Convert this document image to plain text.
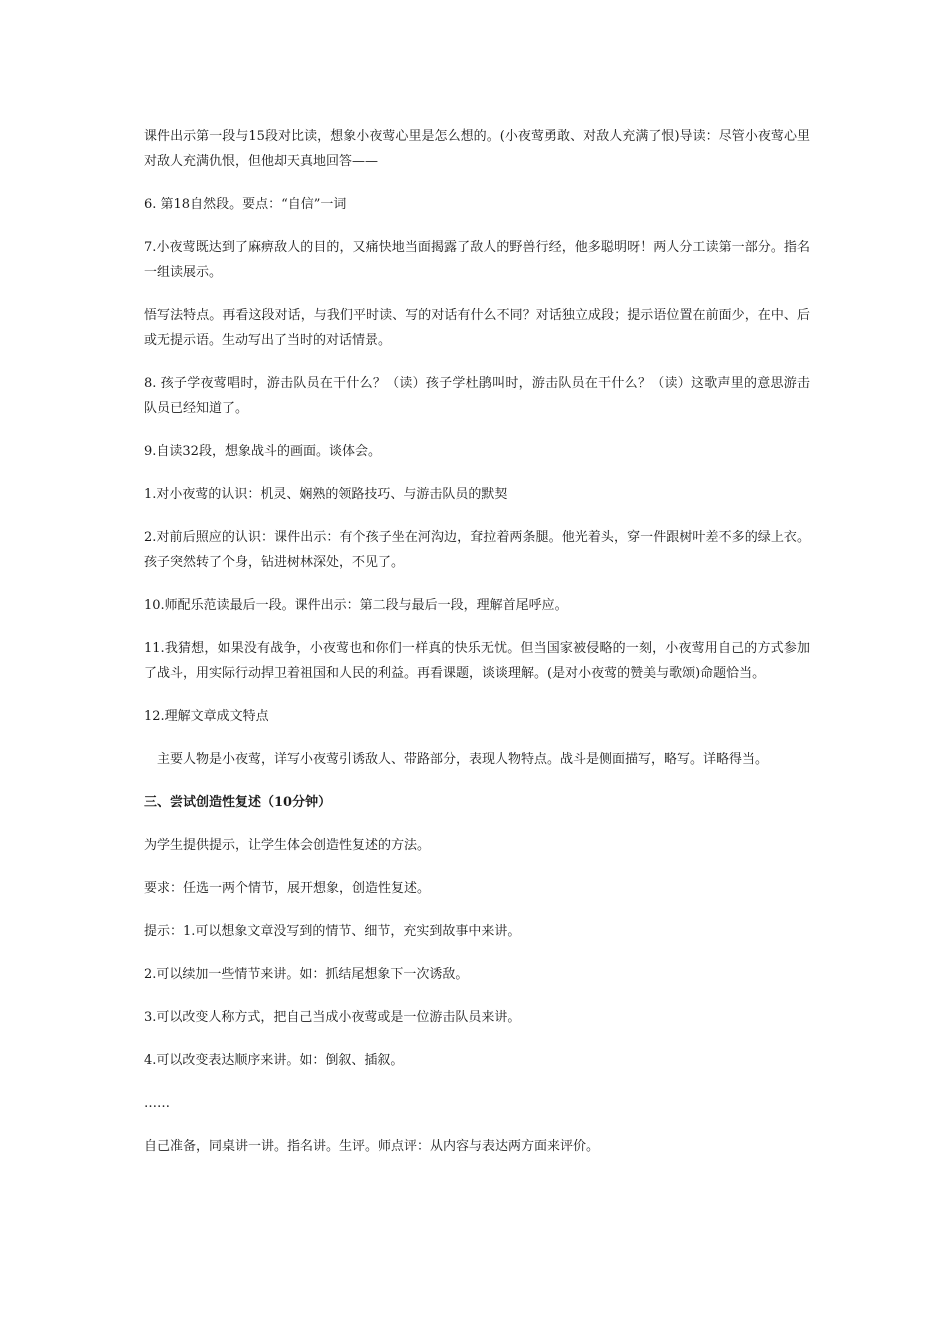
课件出示第一段与15段对比读，想象小夜莺心里是怎么想的。(小夜莺勇敢、对敌人充满了恨)导读：尽管小夜莺心里对敌人充满仇恨，但他却天真地回答——

6. 第18自然段。要点：“自信”一词

7.小夜莺既达到了麻痹敌人的目的，又痛快地当面揭露了敌人的野兽行经，他多聪明呀！两人分工读第一部分。指名一组读展示。

悟写法特点。再看这段对话，与我们平时读、写的对话有什么不同？对话独立成段；提示语位置在前面少，在中、后或无提示语。生动写出了当时的对话情景。

8. 孩子学夜莺唱时，游击队员在干什么？（读）孩子学杜鹃叫时，游击队员在干什么？（读）这歌声里的意思游击队员已经知道了。

9.自读32段，想象战斗的画面。谈体会。

1.对小夜莺的认识：机灵、娴熟的领路技巧、与游击队员的默契

2.对前后照应的认识：课件出示：有个孩子坐在河沟边，耷拉着两条腿。他光着头，穿一件跟树叶差不多的绿上衣。孩子突然转了个身，钻进树林深处，不见了。

10.师配乐范读最后一段。课件出示：第二段与最后一段，理解首尾呼应。

11.我猜想，如果没有战争，小夜莺也和你们一样真的快乐无忧。但当国家被侵略的一刻，小夜莺用自己的方式参加了战斗，用实际行动捍卫着祖国和人民的利益。再看课题，谈谈理解。(是对小夜莺的赞美与歌颂)命题恰当。

12.理解文章成文特点

主要人物是小夜莺，详写小夜莺引诱敌人、带路部分，表现人物特点。战斗是侧面描写，略写。详略得当。

三、尝试创造性复述（10分钟）

为学生提供提示，让学生体会创造性复述的方法。

要求：任选一两个情节，展开想象，创造性复述。

提示：1.可以想象文章没写到的情节、细节，充实到故事中来讲。

2.可以续加一些情节来讲。如：抓结尾想象下一次诱敌。

3.可以改变人称方式，把自己当成小夜莺或是一位游击队员来讲。

4.可以改变表达顺序来讲。如：倒叙、插叙。

……

自己准备，同桌讲一讲。指名讲。生评。师点评：从内容与表达两方面来评价。
